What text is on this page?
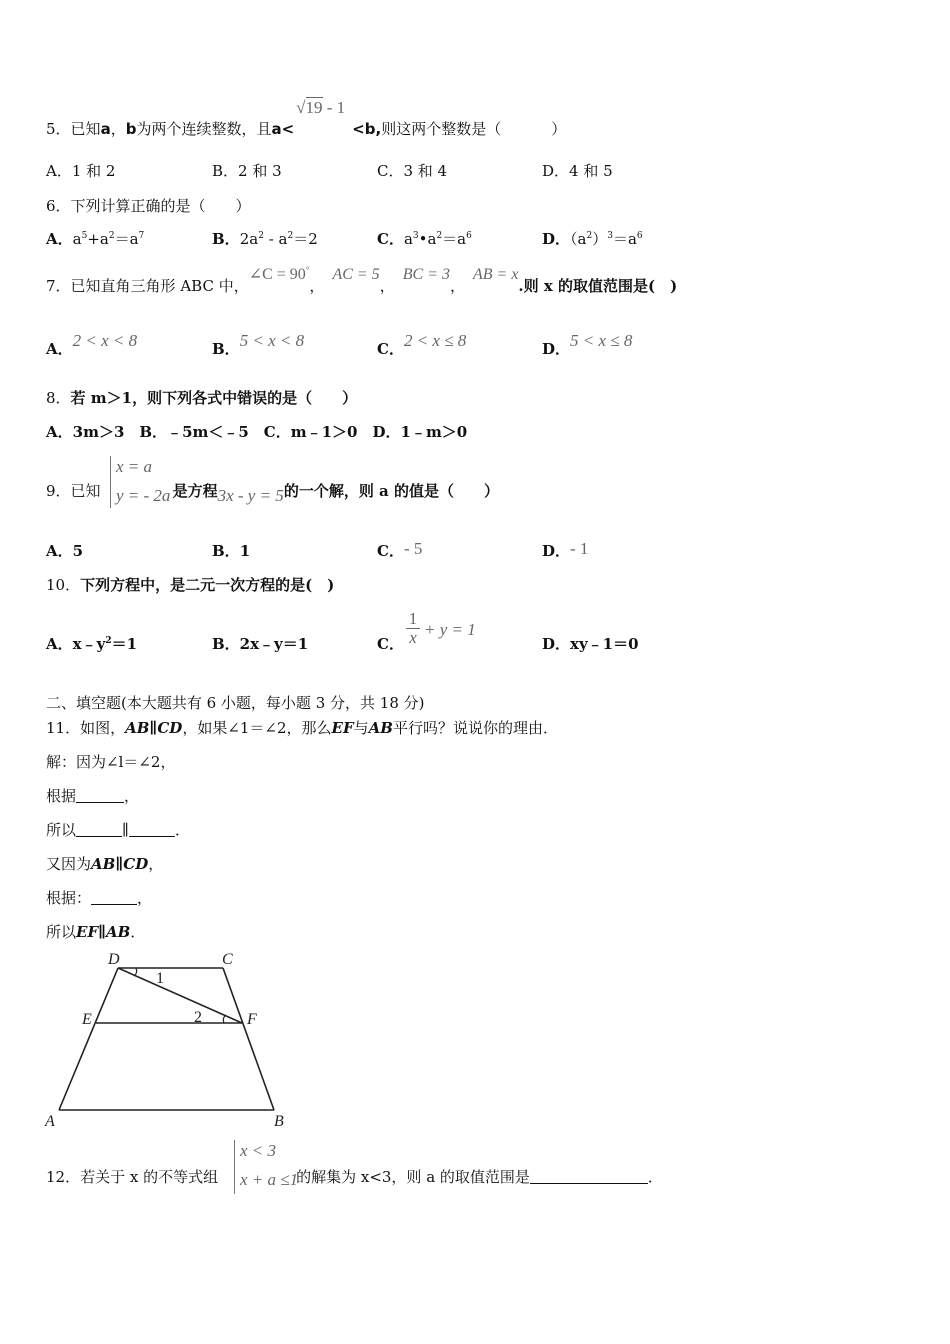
5．已知a，b为两个连续整数，且a<
√19 - 1
<b,则这两个整数是（	）
A．1 和 2	B．2 和 3	C．3 和 4	D．4 和 5
6．下列计算正确的是（　　）
A．$a^5+a^2=a^7$	B．$2a^2 - a^2=2$	C．$a^3•a^2=a^6$	D．$(a^2)^3=a^6$
7．已知直角三角形 ABC 中，∠C = 90°，AC = 5，BC = 3，AB = x.则 x 的取值范围是(　)
A．2 < x < 8	B．5 < x < 8	C．2 < x ≤ 8	D．5 < x ≤ 8
8．若 m＞1，则下列各式中错误的是（　　）
A．3m＞3　B．﹣5m＜﹣5　C．m﹣1＞0　D．1﹣m＞0
9．已知	是方程3x - y = 5的一个解，则 a 的值是（　　）
x = a
y = - 2a
A．5	B．1	C．- 5	D．- 1
10．下列方程中，是二元一次方程的是(　)
A．$x﹣y^2=1$	B．2x﹣y＝1	C．
1
x + y = 1
D．xy﹣1＝0
二、填空题(本大题共有 6 小题，每小题 3 分，共 18 分)
11．如图，AB∥CD，如果∠1＝∠2，那么EF与AB平行吗？说说你的理由．
解：因为∠l＝∠2，
根据	，
所以	∥	．
又因为AB∥CD，
根据：	，
所以EF∥AB．
D	C
E	F
A	B
1
2
12．若关于 x 的不等式组	的解集为 x<3，则 a 的取值范围是	．
x < 3
x + a ≤1
